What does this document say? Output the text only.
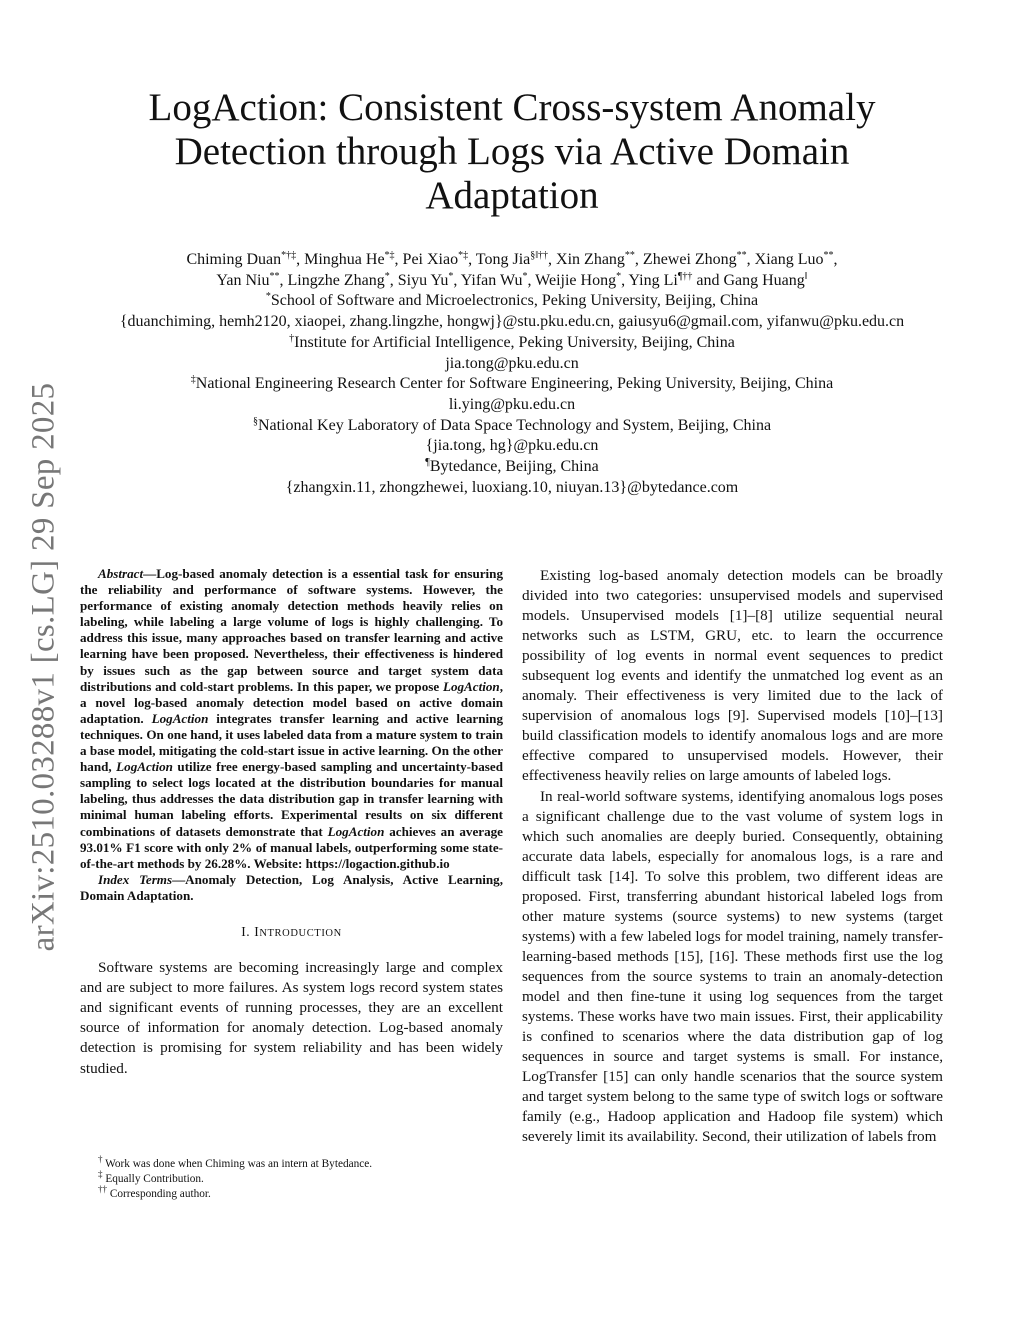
arXiv:2510.03288v1 [cs.LG] 29 Sep 2025
LogAction: Consistent Cross-system Anomaly Detection through Logs via Active Domain Adaptation
Chiming Duan*†‡, Minghua He*‡, Pei Xiao*‡, Tong Jia§‖††, Xin Zhang**, Zhewei Zhong**, Xiang Luo**,
Yan Niu**, Lingzhe Zhang*, Siyu Yu*, Yifan Wu*, Weijie Hong*, Ying Li¶†† and Gang Huang‖
*School of Software and Microelectronics, Peking University, Beijing, China
{duanchiming, hemh2120, xiaopei, zhang.lingzhe, hongwj}@stu.pku.edu.cn, gaiusyu6@gmail.com, yifanwu@pku.edu.cn
†Institute for Artificial Intelligence, Peking University, Beijing, China
jia.tong@pku.edu.cn
‡National Engineering Research Center for Software Engineering, Peking University, Beijing, China
li.ying@pku.edu.cn
§National Key Laboratory of Data Space Technology and System, Beijing, China
{jia.tong, hg}@pku.edu.cn
¶Bytedance, Beijing, China
{zhangxin.11, zhongzhewei, luoxiang.10, niuyan.13}@bytedance.com

Abstract—Log-based anomaly detection is a essential task for ensuring the reliability and performance of software systems. However, the performance of existing anomaly detection methods heavily relies on labeling, while labeling a large volume of logs is highly challenging. To address this issue, many approaches based on transfer learning and active learning have been proposed. Nevertheless, their effectiveness is hindered by issues such as the gap between source and target system data distributions and cold-start problems. In this paper, we propose LogAction, a novel log-based anomaly detection model based on active domain adaptation. LogAction integrates transfer learning and active learning techniques. On one hand, it uses labeled data from a mature system to train a base model, mitigating the cold-start issue in active learning. On the other hand, LogAction utilize free energy-based sampling and uncertainty-based sampling to select logs located at the distribution boundaries for manual labeling, thus addresses the data distribution gap in transfer learning with minimal human labeling efforts. Experimental results on six different combinations of datasets demonstrate that LogAction achieves an average 93.01% F1 score with only 2% of manual labels, outperforming some state-of-the-art methods by 26.28%. Website: https://logaction.github.io

Index Terms—Anomaly Detection, Log Analysis, Active Learning, Domain Adaptation.

I. INTRODUCTION

Software systems are becoming increasingly large and complex and are subject to more failures. As system logs record system states and significant events of running processes, they are an excellent source of information for anomaly detection. Log-based anomaly detection is promising for system reliability and has been widely studied.

† Work was done when Chiming was an intern at Bytedance.
‡ Equally Contribution.
†† Corresponding author.

Existing log-based anomaly detection models can be broadly divided into two categories: unsupervised models and supervised models. Unsupervised models [1]–[8] utilize sequential neural networks such as LSTM, GRU, etc. to learn the occurrence possibility of log events in normal event sequences to predict subsequent log events and identify the unmatched log event as an anomaly. Their effectiveness is very limited due to the lack of supervision of anomalous logs [9]. Supervised models [10]–[13] build classification models to identify anomalous logs and are more effective compared to unsupervised models. However, their effectiveness heavily relies on large amounts of labeled logs.

In real-world software systems, identifying anomalous logs poses a significant challenge due to the vast volume of system logs in which such anomalies are deeply buried. Consequently, obtaining accurate data labels, especially for anomalous logs, is a rare and difficult task [14]. To solve this problem, two different ideas are proposed. First, transferring abundant historical labeled logs from other mature systems (source systems) to new systems (target systems) with a few labeled logs for model training, namely transfer-learning-based methods [15], [16]. These methods first use the log sequences from the source systems to train an anomaly-detection model and then fine-tune it using log sequences from the target systems. These works have two main issues. First, their applicability is confined to scenarios where the data distribution gap of log sequences in source and target systems is small. For instance, LogTransfer [15] can only handle scenarios that the source system and target system belong to the same type of switch logs or software family (e.g., Hadoop application and Hadoop file system) which severely limit its availability. Second, their utilization of labels from
